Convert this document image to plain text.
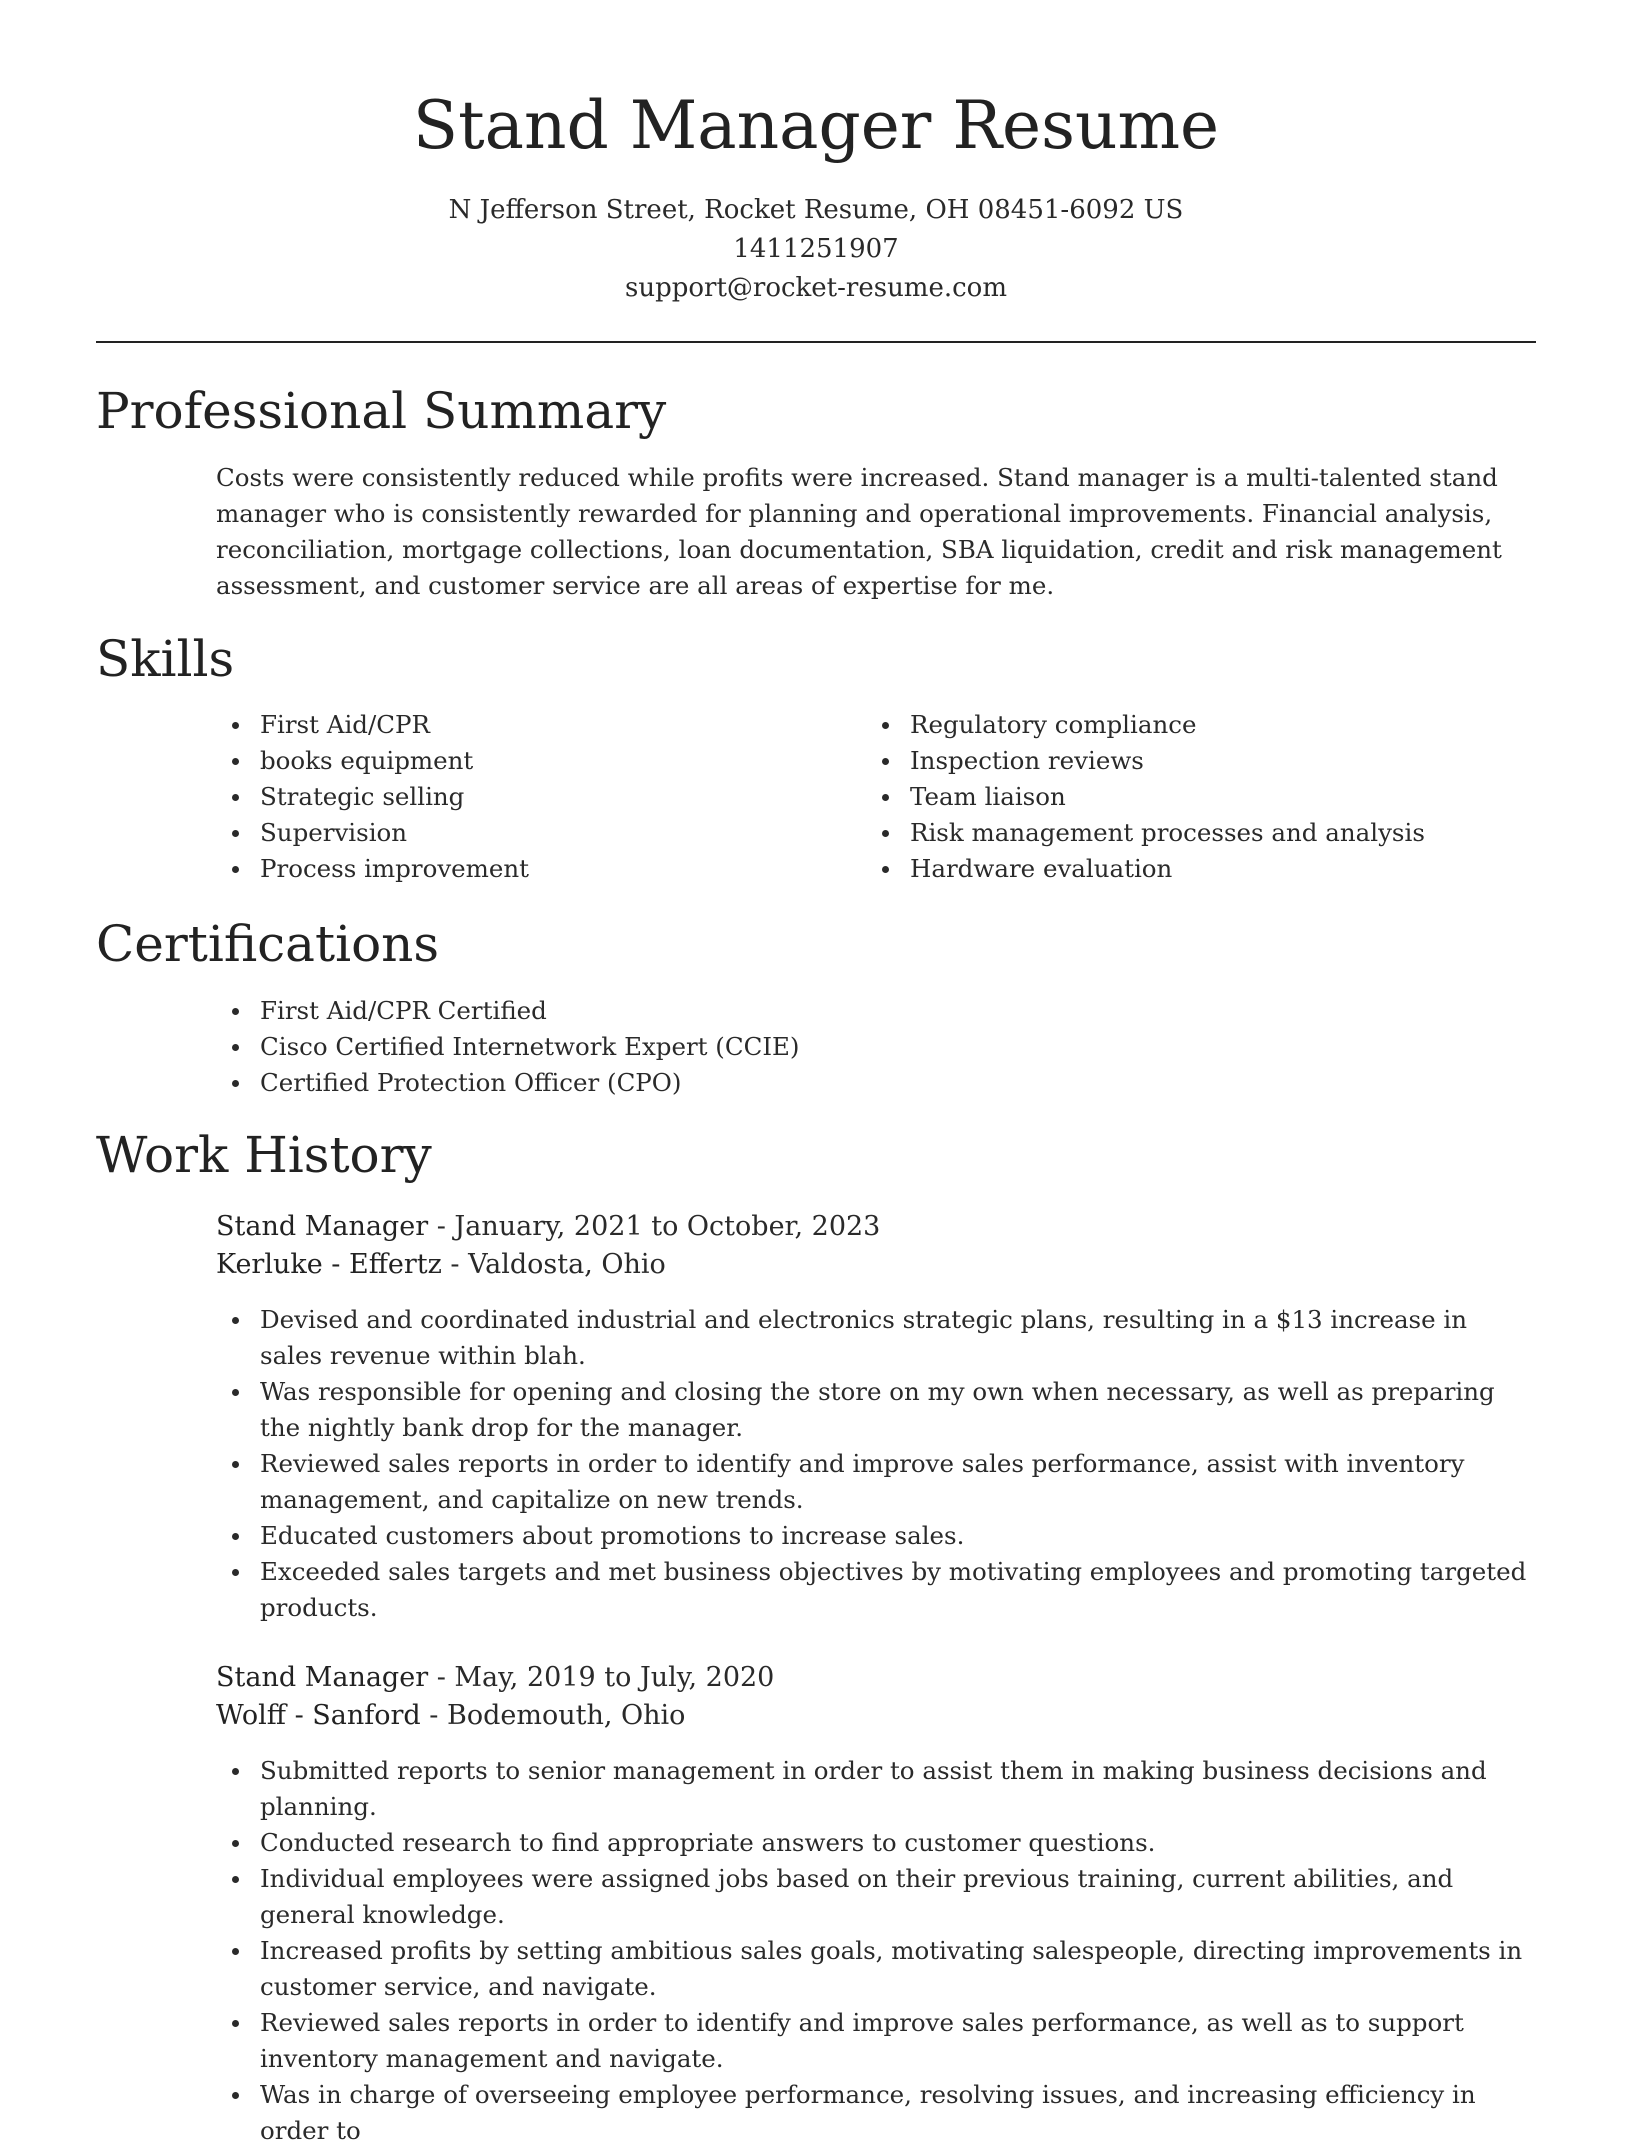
Stand Manager Resume
N Jefferson Street, Rocket Resume, OH 08451-6092 US
1411251907
support@rocket-resume.com
Professional Summary

Costs were consistently reduced while profits were increased. Stand manager is a multi-talented stand manager who is consistently rewarded for planning and operational improvements. Financial analysis, reconciliation, mortgage collections, loan documentation, SBA liquidation, credit and risk management assessment, and customer service are all areas of expertise for me.

Skills
First Aid/CPR
books equipment
Strategic selling
Supervision
Process improvement
Regulatory compliance
Inspection reviews
Team liaison
Risk management processes and analysis
Hardware evaluation
Certifications
First Aid/CPR Certified
Cisco Certified Internetwork Expert (CCIE)
Certified Protection Officer (CPO)
Work History
Stand Manager - January, 2021 to October, 2023
Kerluke - Effertz - Valdosta, Ohio
Devised and coordinated industrial and electronics strategic plans, resulting in a $13 increase in sales revenue within blah.
Was responsible for opening and closing the store on my own when necessary, as well as preparing the nightly bank drop for the manager.
Reviewed sales reports in order to identify and improve sales performance, assist with inventory management, and capitalize on new trends.
Educated customers about promotions to increase sales.
Exceeded sales targets and met business objectives by motivating employees and promoting targeted products.
Stand Manager - May, 2019 to July, 2020
Wolff - Sanford - Bodemouth, Ohio
Submitted reports to senior management in order to assist them in making business decisions and planning.
Conducted research to find appropriate answers to customer questions.
Individual employees were assigned jobs based on their previous training, current abilities, and general knowledge.
Increased profits by setting ambitious sales goals, motivating salespeople, directing improvements in customer service, and navigate.
Reviewed sales reports in order to identify and improve sales performance, as well as to support inventory management and navigate.
Was in charge of overseeing employee performance, resolving issues, and increasing efficiency in order to
